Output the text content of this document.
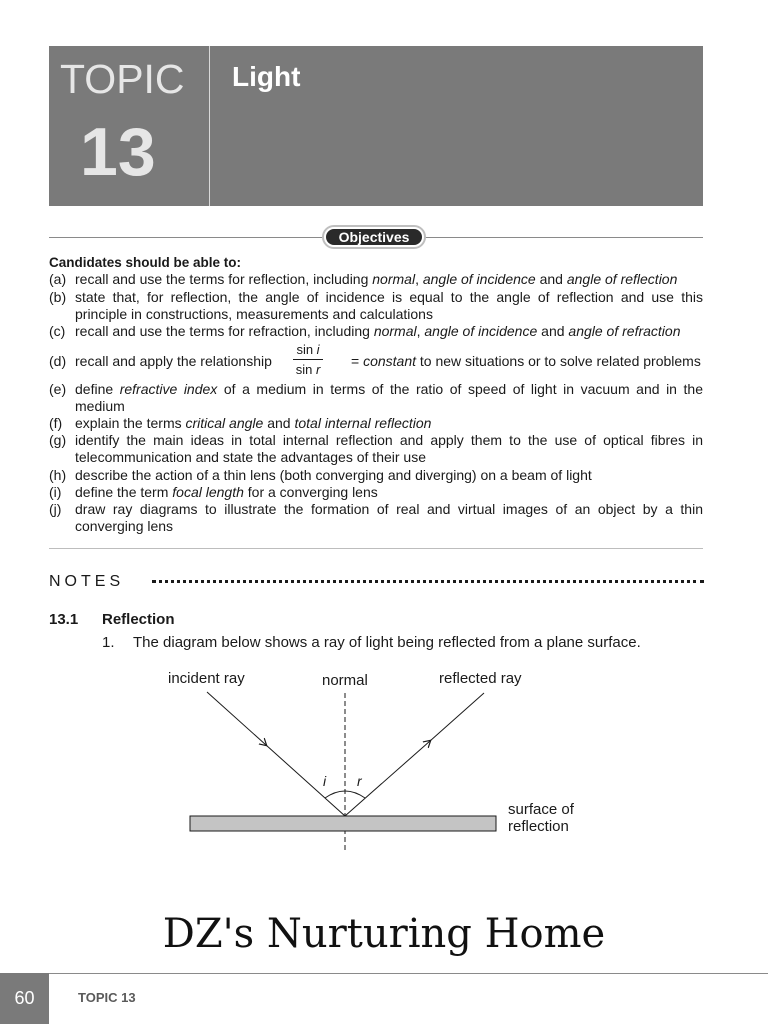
TOPIC
13
Light
Objectives
Candidates should be able to:
(a) recall and use the terms for reflection, including normal, angle of incidence and angle of reflection
(b) state that, for reflection, the angle of incidence is equal to the angle of reflection and use this
principle in constructions, measurements and calculations
(c) recall and use the terms for refraction, including normal, angle of incidence and angle of refraction
(d) recall and apply the relationship	= constant to new situations or to solve related problems
sin i
sin r
(e) define refractive index of a medium in terms of the ratio of speed of light in vacuum and in the
medium
(f) explain the terms critical angle and total internal reflection
(g) identify the main ideas in total internal reflection and apply them to the use of optical fibres in
telecommunication and state the advantages of their use
(h) describe the action of a thin lens (both converging and diverging) on a beam of light
(i) define the term focal length for a converging lens
(j) draw ray diagrams to illustrate the formation of real and virtual images of an object by a thin
converging lens
NOTES
13.1 Reflection
1. The diagram below shows a ray of light being reflected from a plane surface.
incident ray	normal	reflected ray
i r
surface of
reflection
DZ's Nurturing Home
60	TOPIC 13
